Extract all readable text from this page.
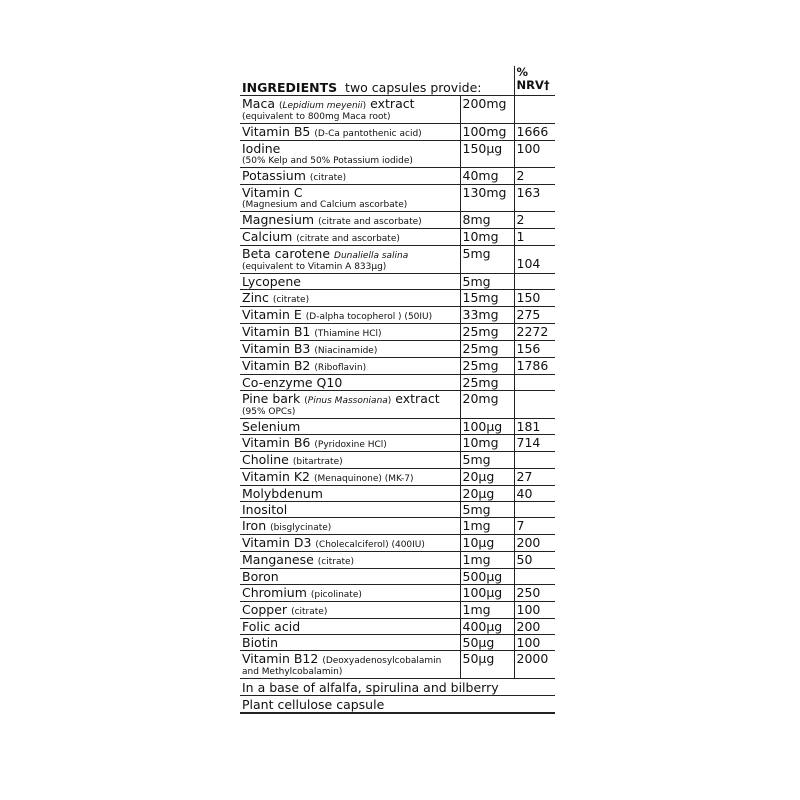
INGREDIENTS two capsules provide:		%
NRV†

Maca (Lepidium meyenii) extract
(equivalent to 800mg Maca root)	200mg	
Vitamin B5 (D-Ca pantothenic acid)	100mg	1666
Iodine
(50% Kelp and 50% Potassium iodide)	150µg	100
Potassium (citrate)	40mg	2
Vitamin C
(Magnesium and Calcium ascorbate)	130mg	163
Magnesium (citrate and ascorbate)	8mg	2
Calcium (citrate and ascorbate)	10mg	1
Beta carotene Dunaliella salina
(equivalent to Vitamin A 833µg)	5mg	104

Lycopene	5mg	
Zinc (citrate)	15mg	150
Vitamin E (D-alpha tocopherol ) (50IU)	33mg	275
Vitamin B1 (Thiamine HCl)	25mg	2272
Vitamin B3 (Niacinamide)	25mg	156
Vitamin B2 (Riboflavin)	25mg	1786
Co-enzyme Q10	25mg	
Pine bark (Pinus Massoniana) extract
(95% OPCs)	20mg	
Selenium	100µg	181
Vitamin B6 (Pyridoxine HCl)	10mg	714
Choline (bitartrate)	5mg	
Vitamin K2 (Menaquinone) (MK-7)	20µg	27
Molybdenum	20µg	40
Inositol	5mg	
Iron (bisglycinate)	1mg	7
Vitamin D3 (Cholecalciferol) (400IU)	10µg	200
Manganese (citrate)	1mg	50
Boron	500µg	
Chromium (picolinate)	100µg	250
Copper (citrate)	1mg	100
Folic acid	400µg	200
Biotin	50µg	100
Vitamin B12 (Deoxyadenosylcobalamin
and Methylcobalamin)	50µg	2000
In a base of alfalfa, spirulina and bilberry		
Plant cellulose capsule		
